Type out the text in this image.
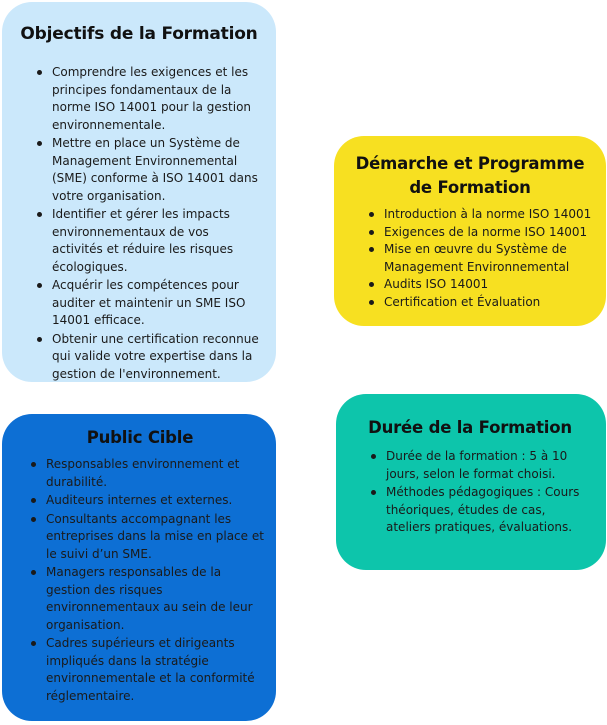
Objectifs de la Formation
Comprendre les exigences et les principes fondamentaux de la norme ISO 14001 pour la gestion environnementale.
Mettre en place un Système de Management Environnemental (SME) conforme à ISO 14001 dans votre organisation.
Identifier et gérer les impacts environnementaux de vos activités et réduire les risques écologiques.
Acquérir les compétences pour auditer et maintenir un SME ISO 14001 efficace.
Obtenir une certification reconnue qui valide votre expertise dans la gestion de l'environnement.
Démarche et Programme de Formation
Introduction à la norme ISO 14001
Exigences de la norme ISO 14001
Mise en œuvre du Système de Management Environnemental
Audits ISO 14001
Certification et Évaluation
Public Cible
Responsables environnement et durabilité.
Auditeurs internes et externes.
Consultants accompagnant les entreprises dans la mise en place et le suivi d’un SME.
Managers responsables de la gestion des risques environnementaux au sein de leur organisation.
Cadres supérieurs et dirigeants impliqués dans la stratégie environnementale et la conformité réglementaire.
Durée de la Formation
Durée de la formation : 5 à 10 jours, selon le format choisi.
Méthodes pédagogiques : Cours théoriques, études de cas, ateliers pratiques, évaluations.
